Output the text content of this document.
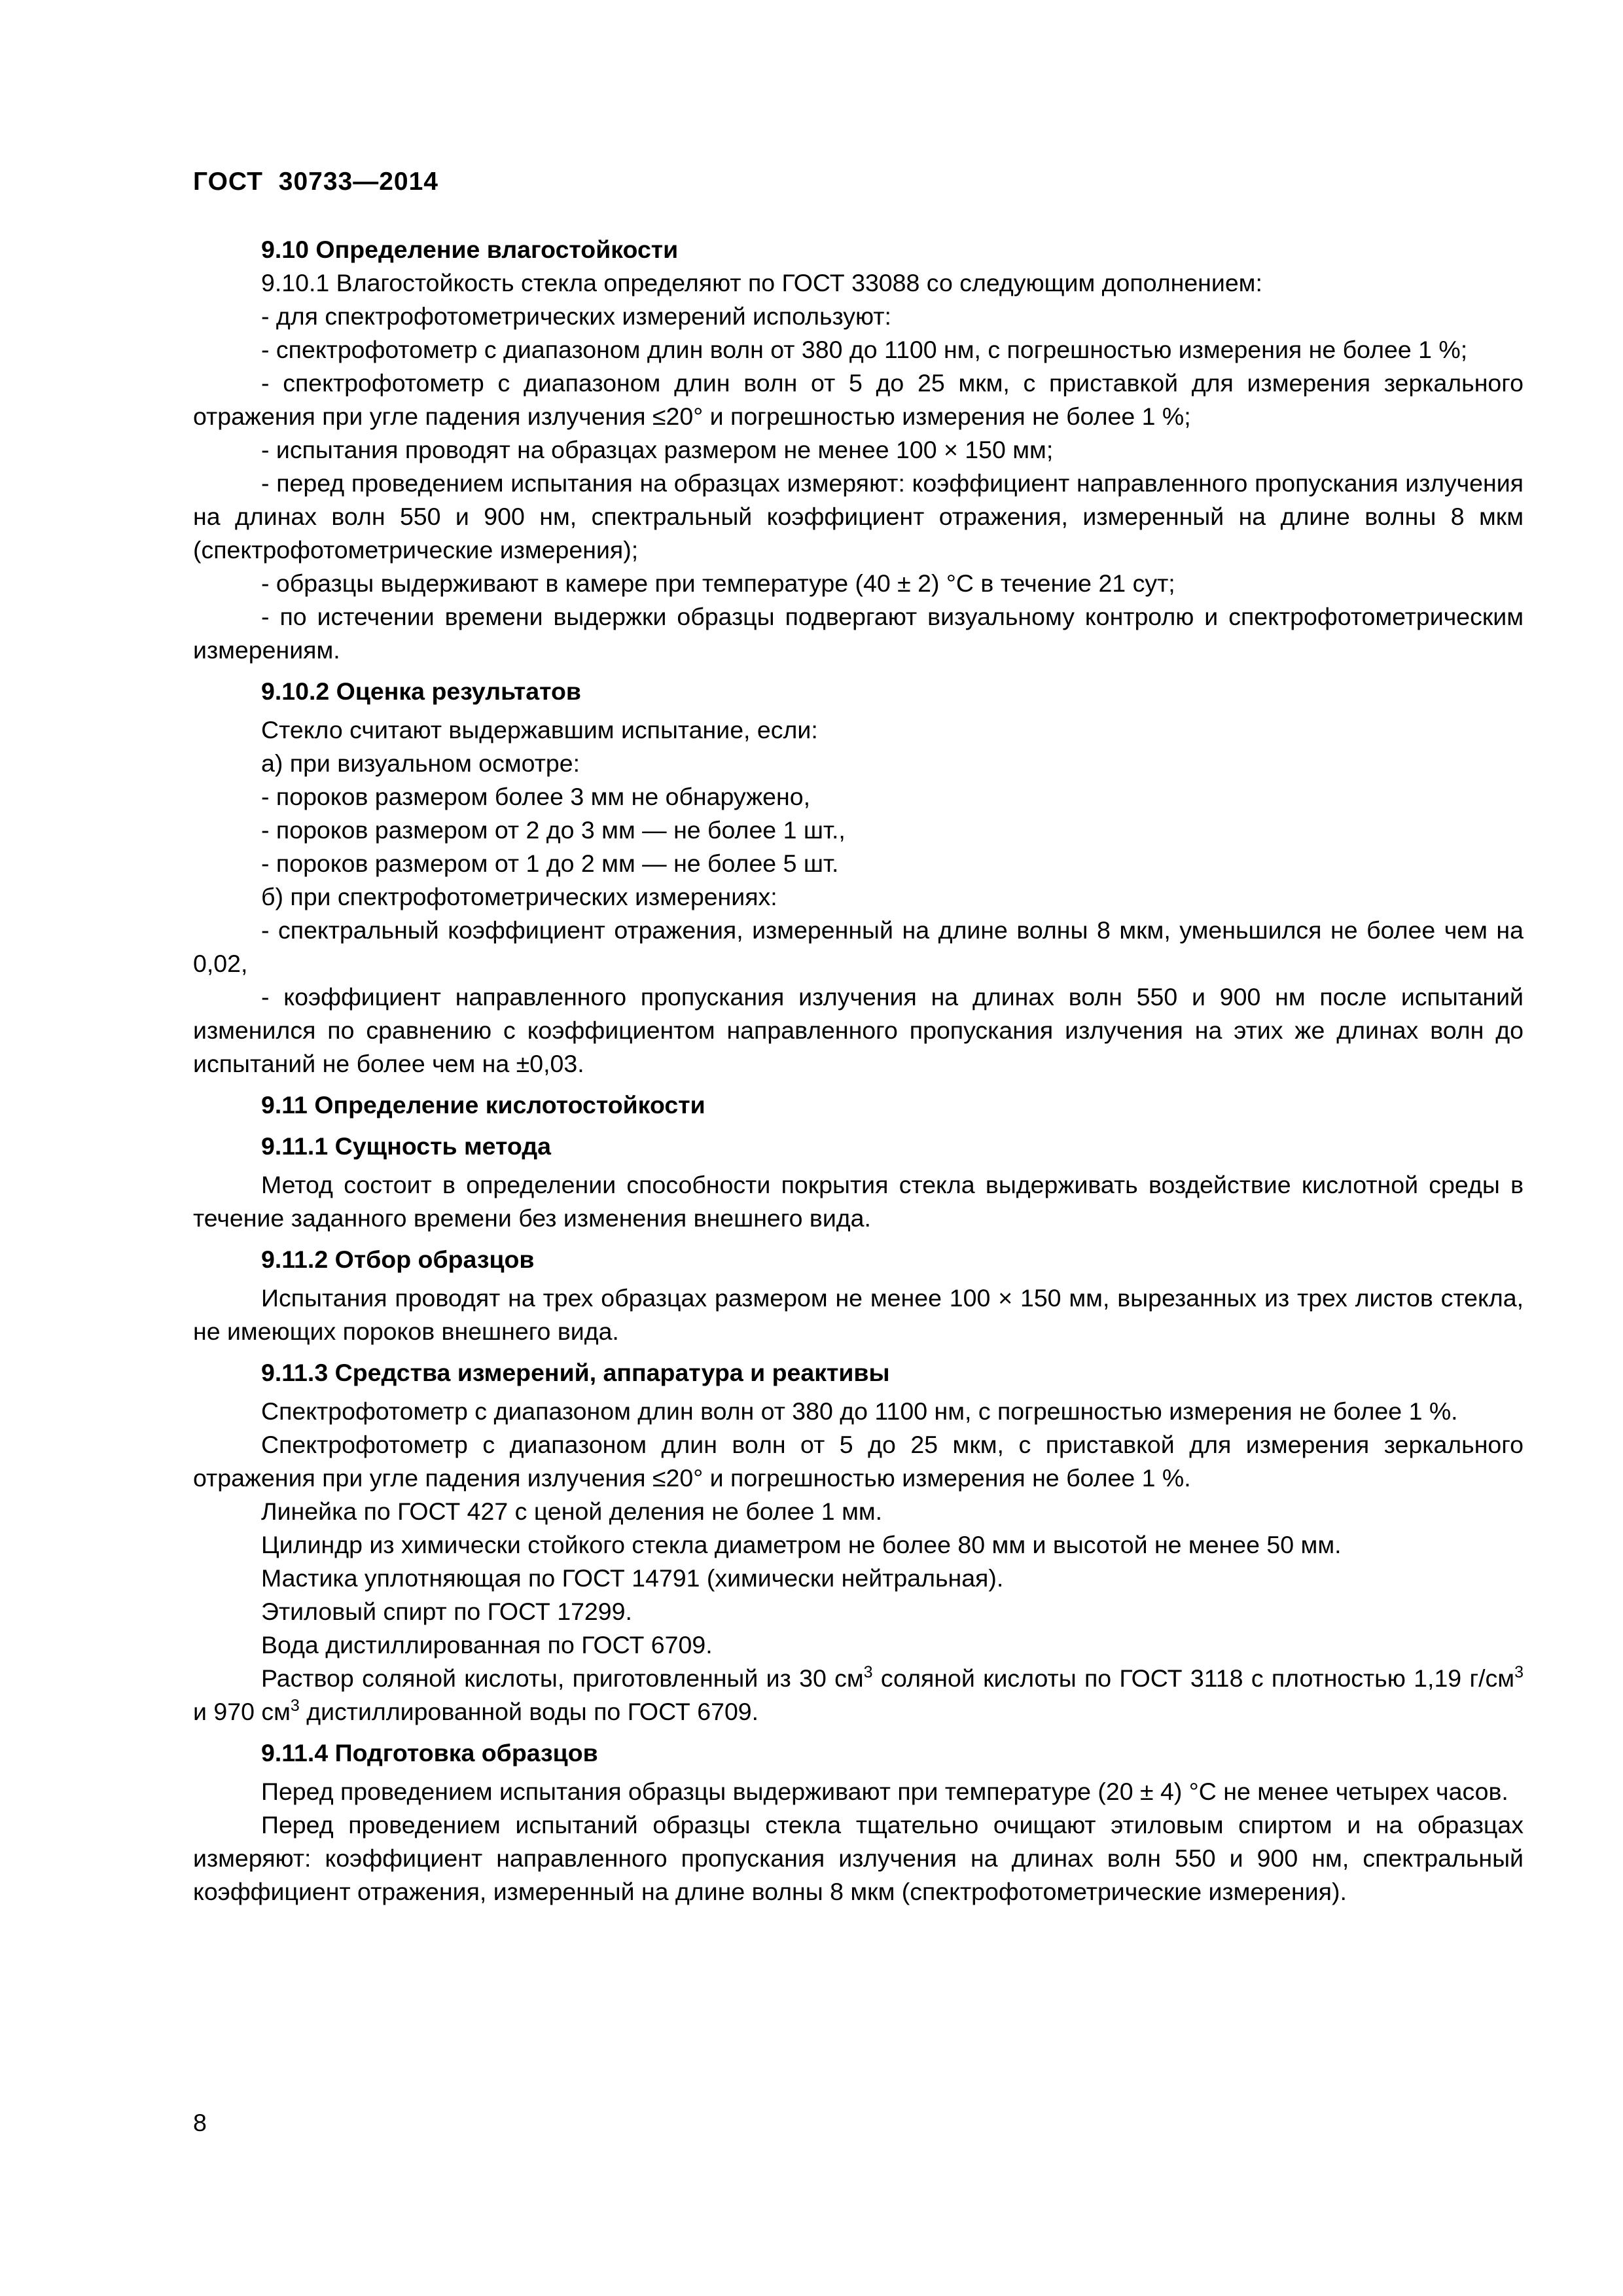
ГОСТ 30733—2014
9.10 Определение влагостойкости

9.10.1 Влагостойкость стекла определяют по ГОСТ 33088 со следующим дополнением:

- для спектрофотометрических измерений используют:

- спектрофотометр с диапазоном длин волн от 380 до 1100 нм, с погрешностью измерения не более 1 %;

- спектрофотометр с диапазоном длин волн от 5 до 25 мкм, с приставкой для измерения зеркального отражения при угле падения излучения ≤20° и погрешностью измерения не более 1 %;

- испытания проводят на образцах размером не менее 100 × 150 мм;

- перед проведением испытания на образцах измеряют: коэффициент направленного пропускания излучения на длинах волн 550 и 900 нм, спектральный коэффициент отражения, измеренный на длине волны 8 мкм (спектрофотометрические измерения);

- образцы выдерживают в камере при температуре (40 ± 2) °C в течение 21 сут;

- по истечении времени выдержки образцы подвергают визуальному контролю и спектрофотометрическим измерениям.

9.10.2 Оценка результатов

Стекло считают выдержавшим испытание, если:

а) при визуальном осмотре:

- пороков размером более 3 мм не обнаружено,

- пороков размером от 2 до 3 мм — не более 1 шт.,

- пороков размером от 1 до 2 мм — не более 5 шт.

б) при спектрофотометрических измерениях:

- спектральный коэффициент отражения, измеренный на длине волны 8 мкм, уменьшился не более чем на 0,02,

- коэффициент направленного пропускания излучения на длинах волн 550 и 900 нм после испытаний изменился по сравнению с коэффициентом направленного пропускания излучения на этих же длинах волн до испытаний не более чем на ±0,03.

9.11 Определение кислотостойкости
9.11.1 Сущность метода

Метод состоит в определении способности покрытия стекла выдерживать воздействие кислотной среды в течение заданного времени без изменения внешнего вида.

9.11.2 Отбор образцов

Испытания проводят на трех образцах размером не менее 100 × 150 мм, вырезанных из трех листов стекла, не имеющих пороков внешнего вида.

9.11.3 Средства измерений, аппаратура и реактивы

Спектрофотометр с диапазоном длин волн от 380 до 1100 нм, с погрешностью измерения не более 1 %.

Спектрофотометр с диапазоном длин волн от 5 до 25 мкм, с приставкой для измерения зеркального отражения при угле падения излучения ≤20° и погрешностью измерения не более 1 %.

Линейка по ГОСТ 427 с ценой деления не более 1 мм.

Цилиндр из химически стойкого стекла диаметром не более 80 мм и высотой не менее 50 мм.

Мастика уплотняющая по ГОСТ 14791 (химически нейтральная).

Этиловый спирт по ГОСТ 17299.

Вода дистиллированная по ГОСТ 6709.

Раствор соляной кислоты, приготовленный из 30 $см^3$ соляной кислоты по ГОСТ 3118 с плотностью 1,19 $г/см^3$ и 970 $см^3$ дистиллированной воды по ГОСТ 6709.

9.11.4 Подготовка образцов

Перед проведением испытания образцы выдерживают при температуре (20 ± 4) °C не менее четырех часов.

Перед проведением испытаний образцы стекла тщательно очищают этиловым спиртом и на образцах измеряют: коэффициент направленного пропускания излучения на длинах волн 550 и 900 нм, спектральный коэффициент отражения, измеренный на длине волны 8 мкм (спектрофотометрические измерения).

8
